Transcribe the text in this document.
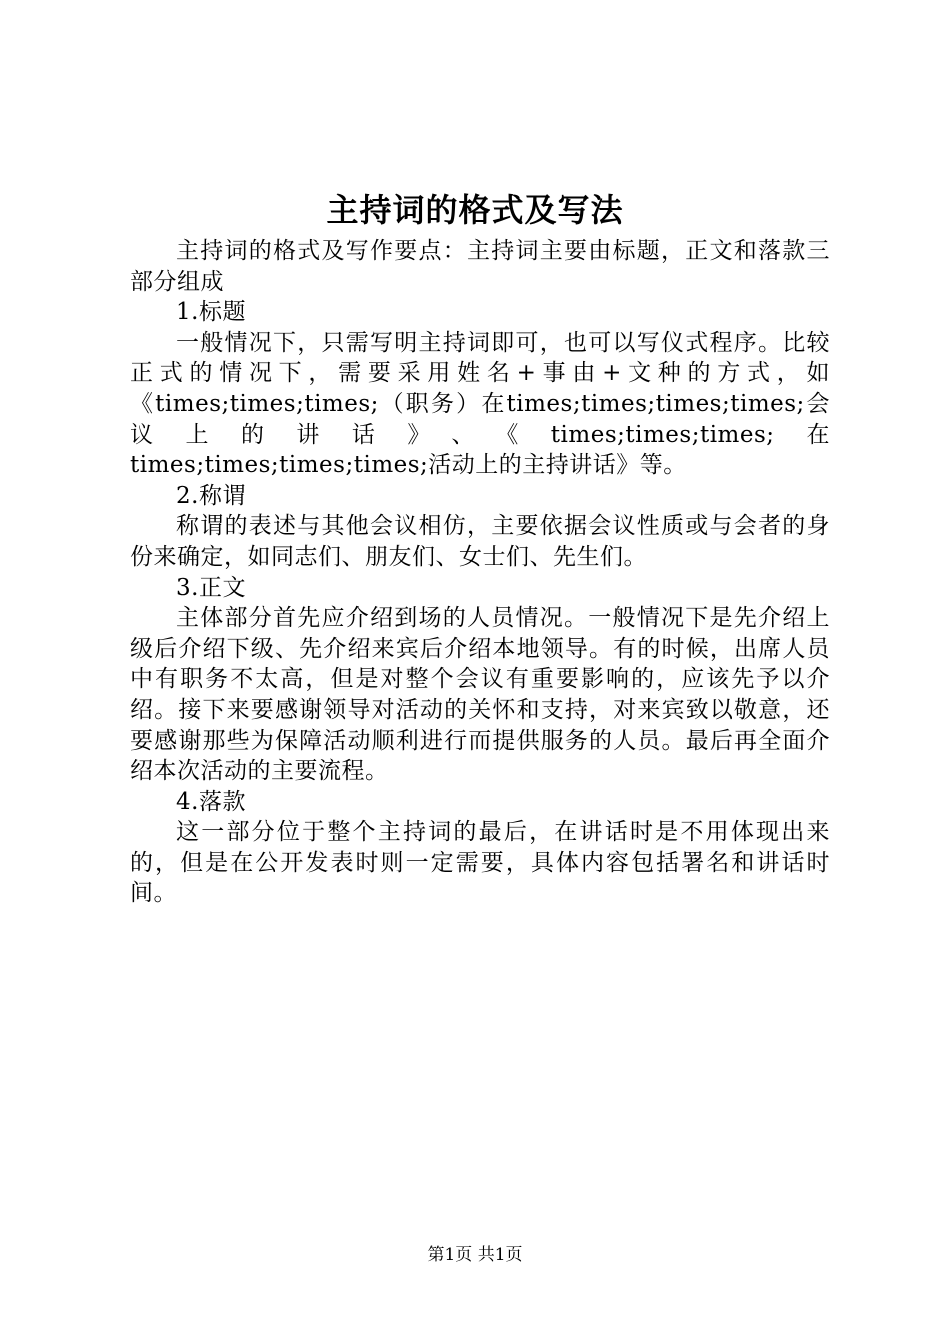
主持词的格式及写法

主持词的格式及写作要点：主持词主要由标题，正文和落款三部分组成

1.标题

一般情况下，只需写明主持词即可，也可以写仪式程序。比较正式的情况下，需要采用姓名+事由+文种的方式，如《times;times;times;（职务）在times;times;times;times;会议上的讲话》、《times;times;times;在times;times;times;times;活动上的主持讲话》等。

2.称谓

称谓的表述与其他会议相仿，主要依据会议性质或与会者的身份来确定，如同志们、朋友们、女士们、先生们。

3.正文

主体部分首先应介绍到场的人员情况。一般情况下是先介绍上级后介绍下级、先介绍来宾后介绍本地领导。有的时候，出席人员中有职务不太高，但是对整个会议有重要影响的，应该先予以介绍。接下来要感谢领导对活动的关怀和支持，对来宾致以敬意，还要感谢那些为保障活动顺利进行而提供服务的人员。最后再全面介绍本次活动的主要流程。

4.落款

这一部分位于整个主持词的最后，在讲话时是不用体现出来的，但是在公开发表时则一定需要，具体内容包括署名和讲话时间。

第1页 共1页
